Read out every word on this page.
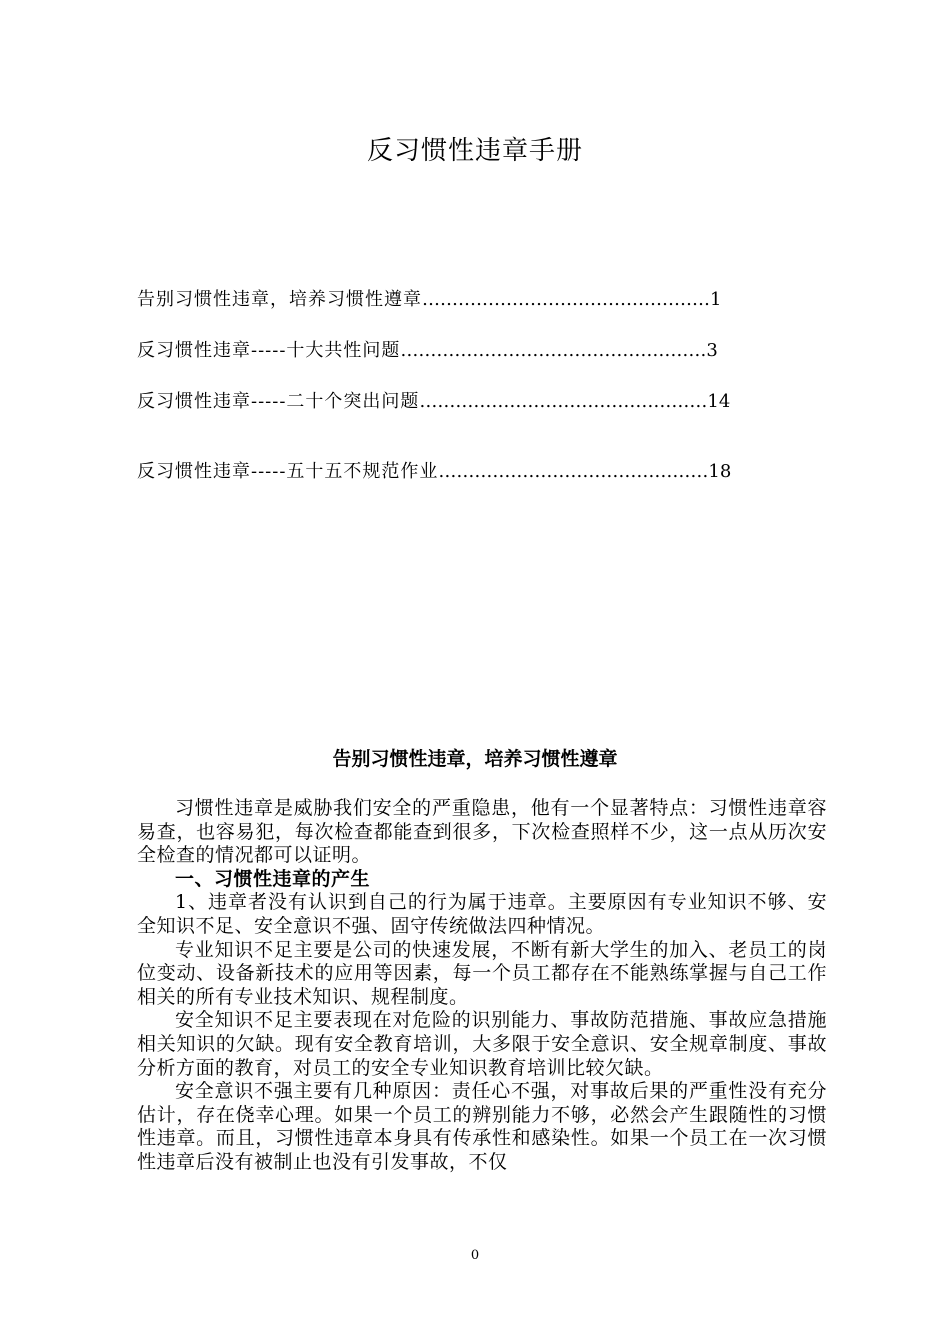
反习惯性违章手册
告别习惯性违章，培养习惯性遵章…………………………………………1
反习惯性违章-----十大共性问题……………………………………………3
反习惯性违章-----二十个突出问题…………………………………………14
反习惯性违章-----五十五不规范作业………………………………………18
告别习惯性违章，培养习惯性遵章

习惯性违章是威胁我们安全的严重隐患，他有一个显著特点：习惯性违章容易查，也容易犯，每次检查都能查到很多，下次检查照样不少，这一点从历次安全检查的情况都可以证明。

一、习惯性违章的产生

1、违章者没有认识到自己的行为属于违章。主要原因有专业知识不够、安全知识不足、安全意识不强、固守传统做法四种情况。

专业知识不足主要是公司的快速发展，不断有新大学生的加入、老员工的岗位变动、设备新技术的应用等因素，每一个员工都存在不能熟练掌握与自己工作相关的所有专业技术知识、规程制度。

安全知识不足主要表现在对危险的识别能力、事故防范措施、事故应急措施相关知识的欠缺。现有安全教育培训，大多限于安全意识、安全规章制度、事故分析方面的教育，对员工的安全专业知识教育培训比较欠缺。

安全意识不强主要有几种原因：责任心不强，对事故后果的严重性没有充分估计，存在侥幸心理。如果一个员工的辨别能力不够，必然会产生跟随性的习惯性违章。而且，习惯性违章本身具有传承性和感染性。如果一个员工在一次习惯性违章后没有被制止也没有引发事故，不仅

0
